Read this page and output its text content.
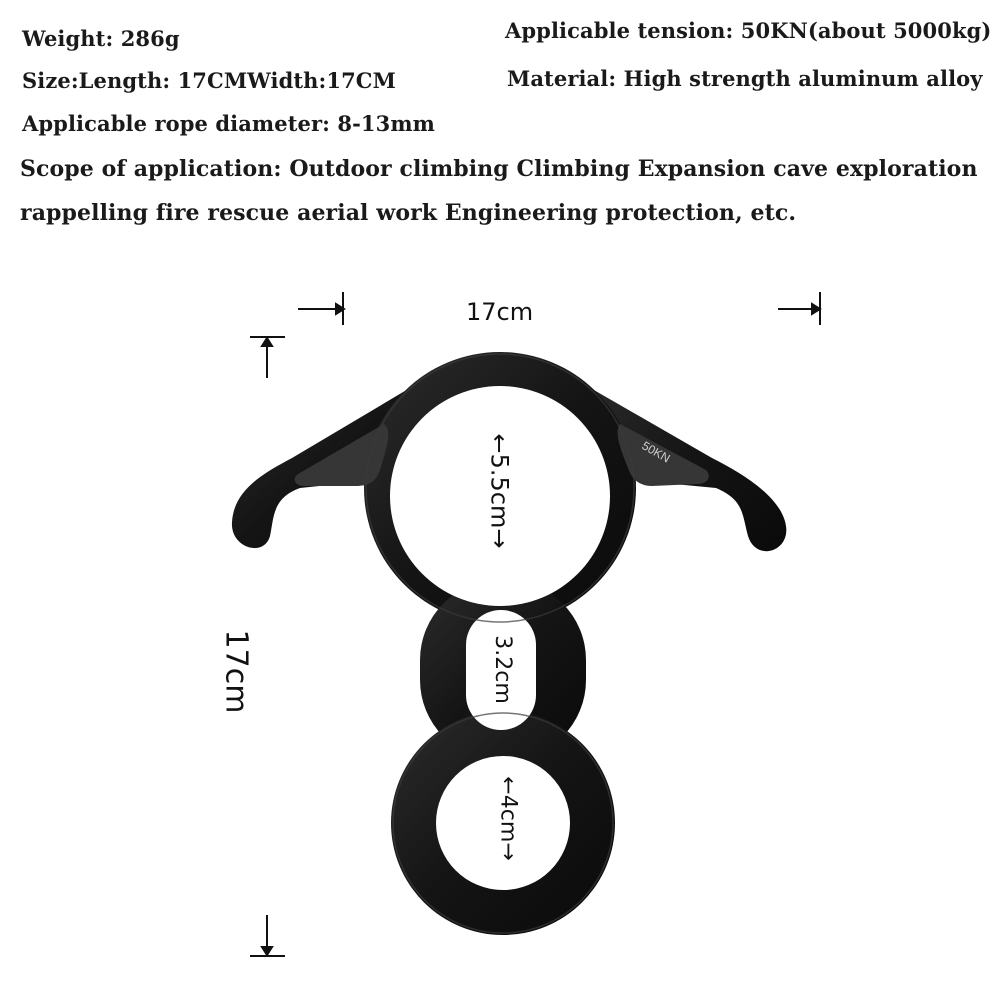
Weight: 286g	Applicable tension: 50KN(about 5000kg)
Size:Length: 17CMWidth:17CM	Material: High strength aluminum alloy
Applicable rope diameter: 8-13mm
Scope of application: Outdoor climbing Climbing Expansion cave exploration
rappelling fire rescue aerial work Engineering protection, etc.
50KN
17cm
17cm
←5.5cm→
3.2cm
←4cm→
